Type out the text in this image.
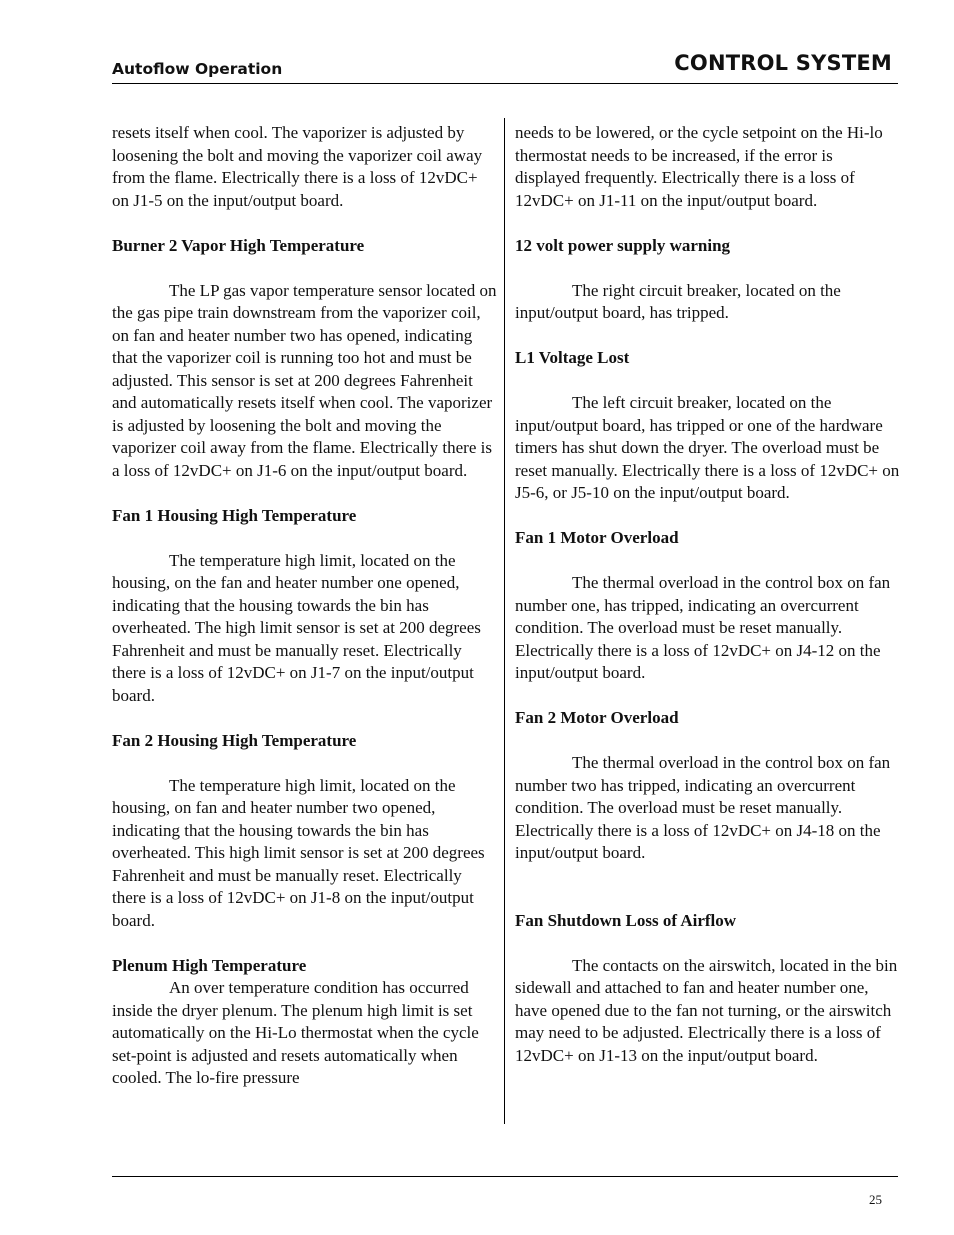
Autoflow Operation	CONTROL SYSTEM

resets itself when cool. The vaporizer is adjusted by loosening the bolt and moving the vaporizer coil away from the flame. Electrically there is a loss of 12vDC+ on J1-5 on the input/output board.

Burner 2 Vapor High Temperature

The LP gas vapor temperature sensor located on the gas pipe train downstream from the vaporizer coil, on fan and heater number two has opened, indicating that the vaporizer coil is running too hot and must be adjusted. This sensor is set at 200 degrees Fahrenheit and automatically resets itself when cool. The vaporizer is adjusted by loosening the bolt and moving the vaporizer coil away from the flame. Electrically there is a loss of 12vDC+ on J1-6 on the input/output board.

Fan 1 Housing High Temperature

The temperature high limit, located on the housing, on the fan and heater number one opened, indicating that the housing towards the bin has overheated. The high limit sensor is set at 200 degrees Fahrenheit and must be manually reset. Electrically there is a loss of 12vDC+ on J1-7 on the input/output board.

Fan 2 Housing High Temperature

The temperature high limit, located on the housing, on fan and heater number two opened, indicating that the housing towards the bin has overheated. This high limit sensor is set at 200 degrees Fahrenheit and must be manually reset. Electrically there is a loss of 12vDC+ on J1-8 on the input/output board.

Plenum High Temperature

An over temperature condition has occurred inside the dryer plenum. The plenum high limit is set automatically on the Hi-Lo thermostat when the cycle set-point is adjusted and resets automatically when cooled. The lo-fire pressure

needs to be lowered, or the cycle setpoint on the Hi-lo thermostat needs to be increased, if the error is displayed frequently. Electrically there is a loss of 12vDC+ on J1-11 on the input/output board.

12 volt power supply warning

The right circuit breaker, located on the input/output board, has tripped.

L1 Voltage Lost

The left circuit breaker, located on the input/output board, has tripped or one of the hardware timers has shut down the dryer. The overload must be reset manually. Electrically there is a loss of 12vDC+ on J5-6, or J5-10 on the input/output board.

Fan 1 Motor Overload

The thermal overload in the control box on fan number one, has tripped, indicating an overcurrent condition. The overload must be reset manually. Electrically there is a loss of 12vDC+ on J4-12 on the input/output board.

Fan 2 Motor Overload

The thermal overload in the control box on fan number two has tripped, indicating an overcurrent condition. The overload must be reset manually. Electrically there is a loss of 12vDC+ on J4-18 on the input/output board.

Fan Shutdown Loss of Airflow

The contacts on the airswitch, located in the bin sidewall and attached to fan and heater number one, have opened due to the fan not turning, or the airswitch may need to be adjusted. Electrically there is a loss of 12vDC+ on J1-13 on the input/output board.

25
